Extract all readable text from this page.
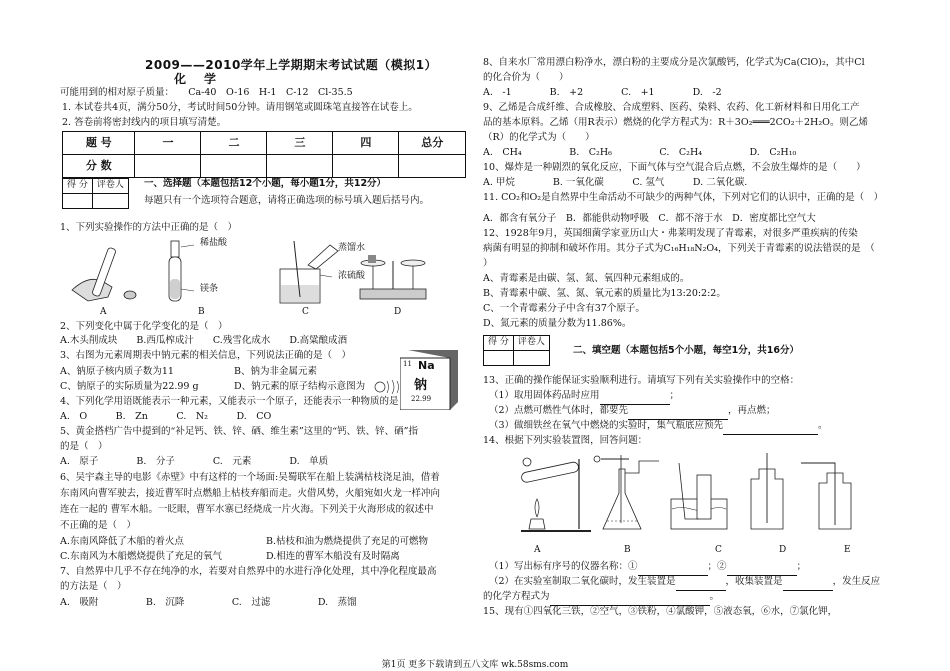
2009——2010学年上学期期末考试试题（模拟1）
化学
可能用到的相对原子质量：　　Ca-40　O-16　H-1　C-12　Cl-35.5
1. 本试卷共4页，满分50分，考试时间50分钟。请用钢笔或圆珠笔直接答在试卷上。
2. 答卷前将密封线内的项目填写清楚。
题 号	一	二	三	四	总分
分 数					
得 分	评卷人
	一、选择题（本题包括12个小题，每小题1分，共12分）
每题只有一个选项符合题意，请将正确选项的标号填入题后括号内。
1、下列实验操作的方法中正确的是（　）
稀盐酸
镁条
蒸馏水
浓硫酸
A	B	C	D
2、下列变化中属于化学变化的是（　）
A.木头削成块　　B.西瓜榨成汁　　C.残雪化成水　　D.高粱酿成酒
3、右图为元素周期表中钠元素的相关信息，下列说法正确的是（　）
A、钠原子核内质子数为11	B、钠为非金属元素
C、钠原子的实际质量为22.99 g	D、钠元素的原子结构示意图为
4、下列化学用语既能表示一种元素，又能表示一个原子，还能表示一种物质的是
A.　O　　　B.　Zn　　　C.　N₂　　　D.　CO
5、黄金搭档广告中提到的“补足钙、铁、锌、硒、维生素”这里的“钙、铁、锌、硒”指
的是（　）
A.　原子　　　　B.　分子　　　　C.　元素　　　　D.　单质
6、吴宇森主导的电影《赤壁》中有这样的一个场面:吴蜀联军在船上装满枯枝浇足油，借着
东南风向曹军驶去，接近曹军时点燃船上枯枝弃船而走。火借风势，火船宛如火龙一样冲向
连在一起的 曹军木船。一眨眼，曹军水寨已经烧成一片火海。下列关于火海形成的叙述中
不正确的是（　）
A.东南风降低了木船的着火点	B.枯枝和油为燃烧提供了充足的可燃物
C.东南风为木船燃烧提供了充足的氧气	D.相连的曹军木船没有及时隔离
7、自然界中几乎不存在纯净的水，若要对自然界中的水进行净化处理，其中净化程度最高
的方法是（　）
A.　吸附　　　　　B.　沉降　　　　　C.　过滤　　　　　D.　蒸馏
11 Na
钠
22.99
8、自来水厂常用漂白粉净水，漂白粉的主要成分是次氯酸钙，化学式为Ca(ClO)₂，其中Cl
的化合价为（　　）
A.　-1　　　　B.　+2　　　　C.　+1　　　　D.　-2
9、乙烯是合成纤维、合成橡胶、合成塑料、医药、染料、农药、化工新材料和日用化工产
品的基本原料。乙烯（用R表示）燃烧的化学方程式为：R＋3O₂═══2CO₂＋2H₂O。则乙烯
（R）的化学式为（　　）
A.　CH₄　　　　　B.　C₂H₆　　　　　C.　C₂H₄　　　　　D.　C₂H₁₀
10、爆炸是一种剧烈的氧化反应，下面气体与空气混合后点燃，不会放生爆炸的是（　　）
A. 甲烷　　　　B. 一氧化碳　　　C. 氢气　　　D. 二氧化碳.
11. CO₂和O₂是自然界中生命活动不可缺少的两种气体，下列对它们的认识中，正确的是（　）
A．都含有氧分子　B．都能供动物呼吸　C．都不溶于水　D．密度都比空气大
12、1928年9月，英国细菌学家亚历山大・弗莱明发现了青霉素，对很多严重疾病的传染
病菌有明显的抑制和破坏作用。其分子式为C₁₆H₁₈N₂O₄，下列关于青霉素的说法错误的是　（
）
A、青霉素是由碳、氢、氮、氧四种元素组成的。
B、青霉素中碳、氢、氮、氧元素的质量比为13:20:2:2。
C、一个青霉素分子中含有37个原子。
D、氮元素的质量分数为11.86%。
得 分	评卷人

二、填空题（本题包括5个小题，每空1分，共16分）
13、正确的操作能保证实验顺利进行。请填写下列有关实验操作中的空格：
（1）取用固体药品时应用	；
（2）点燃可燃性气体时，都要先	，再点燃；
（3）做细铁丝在氧气中燃烧的实验时，集气瓶底应预先	。
14、根据下列实验装置图，回答问题：
A	B	C	D	E
（1）写出标有序号的仪器名称：①	；②	；
（2）在实验室制取二氧化碳时，发生装置是	，收集装置是	，发生反应
的化学方程式为	。
15、现有①四氧化三铁，②空气，③铁粉，④氯酸钾，⑤液态氧，⑥水，⑦氯化钾，
第1页 更多下载请到五八文库 wk.58sms.com
